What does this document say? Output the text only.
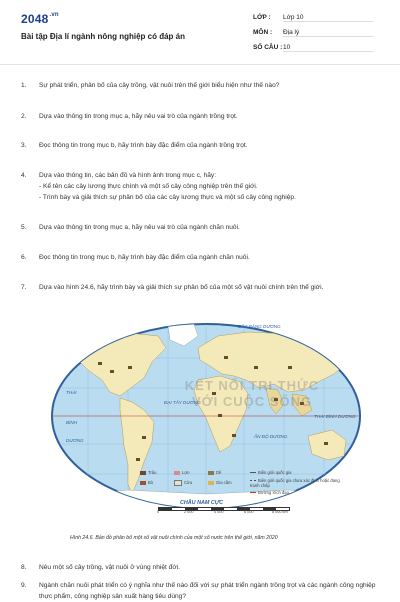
$2048^{.vn}$
Bài tập Địa lí ngành nông nghiệp có đáp án
LỚP : Lớp 10
MÔN : Địa lý
SỐ CÂU :10
1.	Sự phát triển, phân bố của cây trồng, vật nuôi trên thế giới biểu hiện như thế nào?
2.	Dựa vào thông tin trong mục a, hãy nêu vai trò của ngành trồng trọt.
3.	Đọc thông tin trong mục b, hãy trình bày đặc điểm của ngành trồng trọt.
4.	Dựa vào thông tin, các bản đồ và hình ảnh trong mục c, hãy:
- Kể tên các cây lương thực chính và một số cây công nghiệp trên thế giới.
- Trình bày và giải thích sự phân bố của các cây lương thực và một số cây công nghiệp.
5.	Dựa vào thông tin trong mục a, hãy nêu vai trò của ngành chăn nuôi.
6.	Đọc thông tin trong mục b, hãy trình bày đặc điểm của ngành chăn nuôi.
7.	Dựa vào hình 24.6, hãy trình bày và giải thích sự phân bố của một số vật nuôi chính trên thế giới.
THÁI
BÌNH
DƯƠNG
ĐẠI TÂY DƯƠNG
ẤN ĐỘ DƯƠNG
THÁI BÌNH DƯƠNG
CHÂU NAM CỰC
BẮC BĂNG DƯƠNG
KẾT NỐI TRI THỨC
VỚI CUỘC SỐNG
Trâu	Lợn	Dê
Bò	Cừu	Gia cầm
Biên giới quốc gia
Biên giới quốc gia chưa xác định hoặc đang tranh chấp
Đường Xích đạo
0	2 000	4 000	6 000	8 000 km
Hình 24.6. Bản đồ phân bố một số vật nuôi chính của một số nước trên thế giới, năm 2020
8.	Nêu một số cây trồng, vật nuôi ở vùng nhiệt đới.
9.	Ngành chăn nuôi phát triển có ý nghĩa như thế nào đối với sự phát triển ngành trồng trọt và các ngành công nghiệp thực phẩm, công nghiệp sản xuất hàng tiêu dùng?
